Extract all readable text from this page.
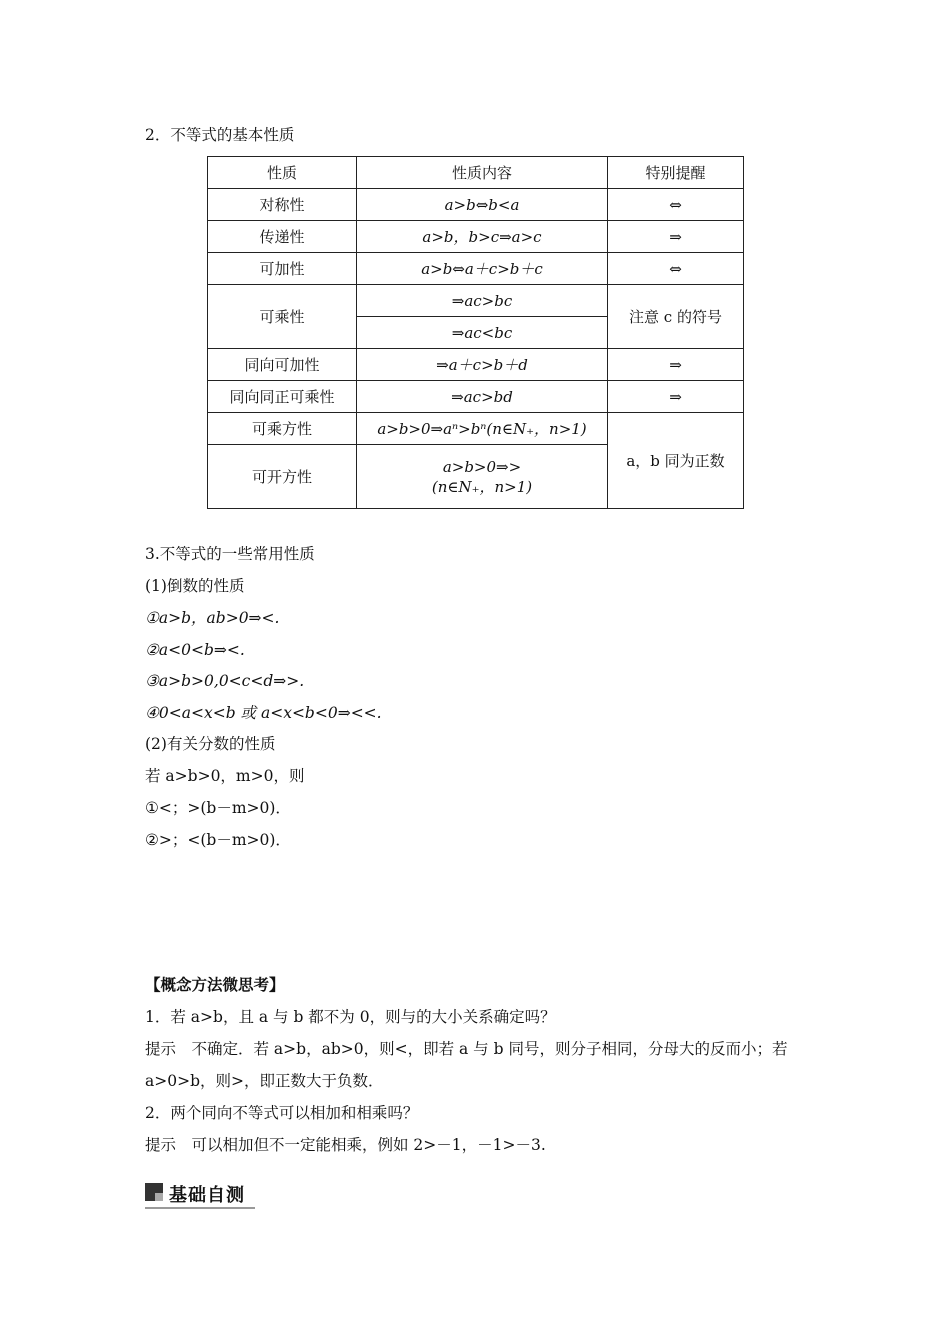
2．不等式的基本性质
性质	性质内容	特别提醒
对称性	a>b⇔b<a	⇔
传递性	a>b，b>c⇒a>c	⇒
可加性	a>b⇔a＋c>b＋c	⇔
可乘性	⇒ac>bc	注意 c 的符号
	⇒ac<bc	
同向可加性	⇒a＋c>b＋d	⇒
同向同正可乘性	⇒ac>bd	⇒
可乘方性	a>b>0⇒aⁿ>bⁿ(n∈N₊，n>1)	a，b 同为正数
可开方性	a>b>0⇒>
(n∈N₊，n>1)	
3.不等式的一些常用性质
(1)倒数的性质
①a>b，ab>0⇒<.
②a<0<b⇒<.
③a>b>0,0<c<d⇒>.
④0<a<x<b 或 a<x<b<0⇒<<.
(2)有关分数的性质
若 a>b>0，m>0，则
①<；>(b－m>0)．
②>；<(b－m>0)．
【概念方法微思考】
1．若 a>b，且 a 与 b 都不为 0，则与的大小关系确定吗？
提示　不确定．若 a>b，ab>0，则<，即若 a 与 b 同号，则分子相同，分母大的反而小；若
a>0>b，则>，即正数大于负数．
2．两个同向不等式可以相加和相乘吗？
提示　可以相加但不一定能相乘，例如 2>－1，－1>－3.
基础自测
